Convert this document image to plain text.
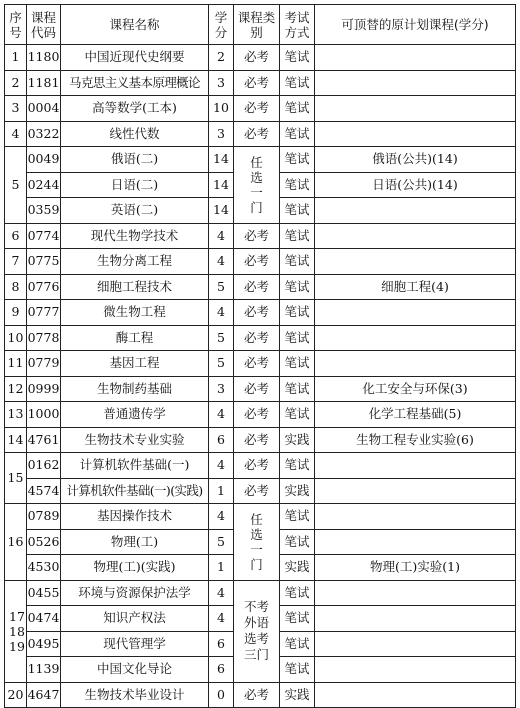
序号	课程代码	课程名称	学分	课程类别	考试方式	可顶替的原计划课程(学分)
1	1180	中国近现代史纲要	2	必考	笔试	
2	1181	马克思主义基本原理概论	3	必考	笔试	
3	0004	高等数学(工本)	10	必考	笔试	
4	0322	线性代数	3	必考	笔试	
5	0049	俄语(二)	14	任选一门	笔试	俄语(公共)(14)
	0244	日语(二)	14		笔试	日语(公共)(14)
	0359	英语(二)	14		笔试	
6	0774	现代生物学技术	4	必考	笔试	
7	0775	生物分离工程	4	必考	笔试	
8	0776	细胞工程技术	5	必考	笔试	细胞工程(4)
9	0777	微生物工程	4	必考	笔试	
10	0778	酶工程	5	必考	笔试	
11	0779	基因工程	5	必考	笔试	
12	0999	生物制药基础	3	必考	笔试	化工安全与环保(3)
13	1000	普通遗传学	4	必考	笔试	化学工程基础(5)
14	4761	生物技术专业实验	6	必考	实践	生物工程专业实验(6)
15	0162	计算机软件基础(一)	4	必考	笔试	
	4574	计算机软件基础(一)(实践)	1	必考	实践	
16	0789	基因操作技术	4	任选一门	笔试	
	0526	物理(工)	5		笔试	
	4530	物理(工)(实践)	1		实践	物理(工)实验(1)
17 18 19	0455	环境与资源保护法学	4	不考外语选考三门	笔试	
	0474	知识产权法	4		笔试	
	0495	现代管理学	6		笔试	
	1139	中国文化导论	6		笔试	
20	4647	生物技术毕业设计	0	必考	实践	
